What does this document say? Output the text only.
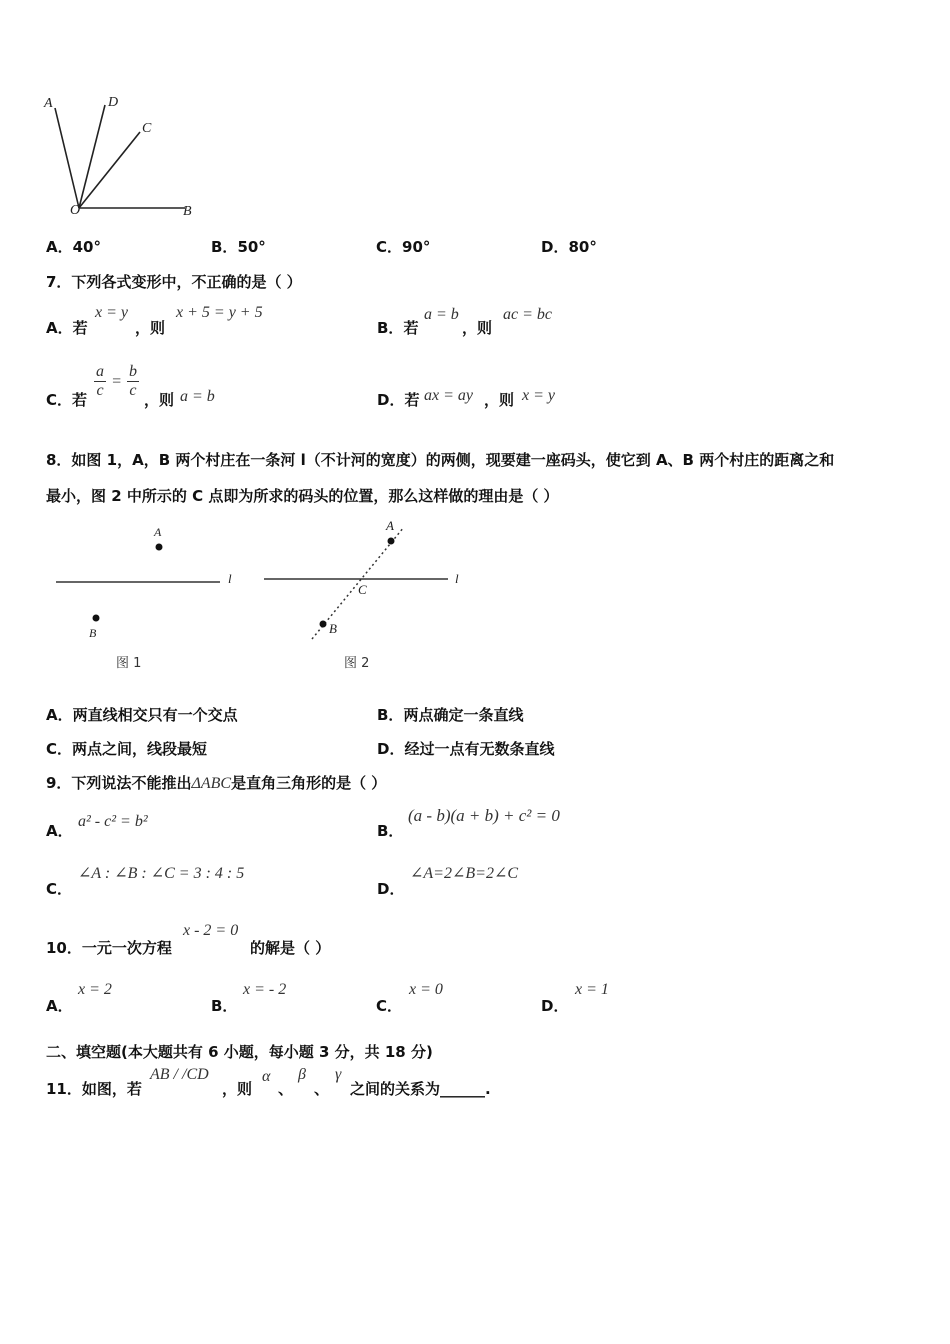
A	D
C
O	B
A．40°	B．50°	C．90°	D．80°
7．下列各式变形中，不正确的是（ ）
A．若
x = y
，则
x + 5 = y + 5
B．若
a = b
，则
ac = bc
C．若 $\frac{a}{c} = \frac{b}{c}$ ，则 a = b	D．若 ax = ay ，则 x = y
8．如图 1，A，B 两个村庄在一条河 l（不计河的宽度）的两侧，现要建一座码头，使它到 A、B 两个村庄的距离之和
最小，图 2 中所示的 C 点即为所求的码头的位置，那么这样做的理由是（ ）
A
B
l
图 1
A
C
B
l
图 2
A．两直线相交只有一个交点	B．两点确定一条直线
C．两点之间，线段最短	D．经过一点有无数条直线
9．下列说法不能推出ΔABC是直角三角形的是（ ）
A．
a² - c² = b²
B．
(a - b)(a + b) + c² = 0
C．
∠A : ∠B : ∠C = 3 : 4 : 5
D．
∠A=2∠B=2∠C
10．一元一次方程
x - 2 = 0
的解是（ ）
A．
x = 2
B．
x = - 2
C．
x = 0
D．
x = 1
二、填空题(本大题共有 6 小题，每小题 3 分，共 18 分)
11．如图，若
AB / /CD
，则
α
、
β
、
γ
之间的关系为______.
